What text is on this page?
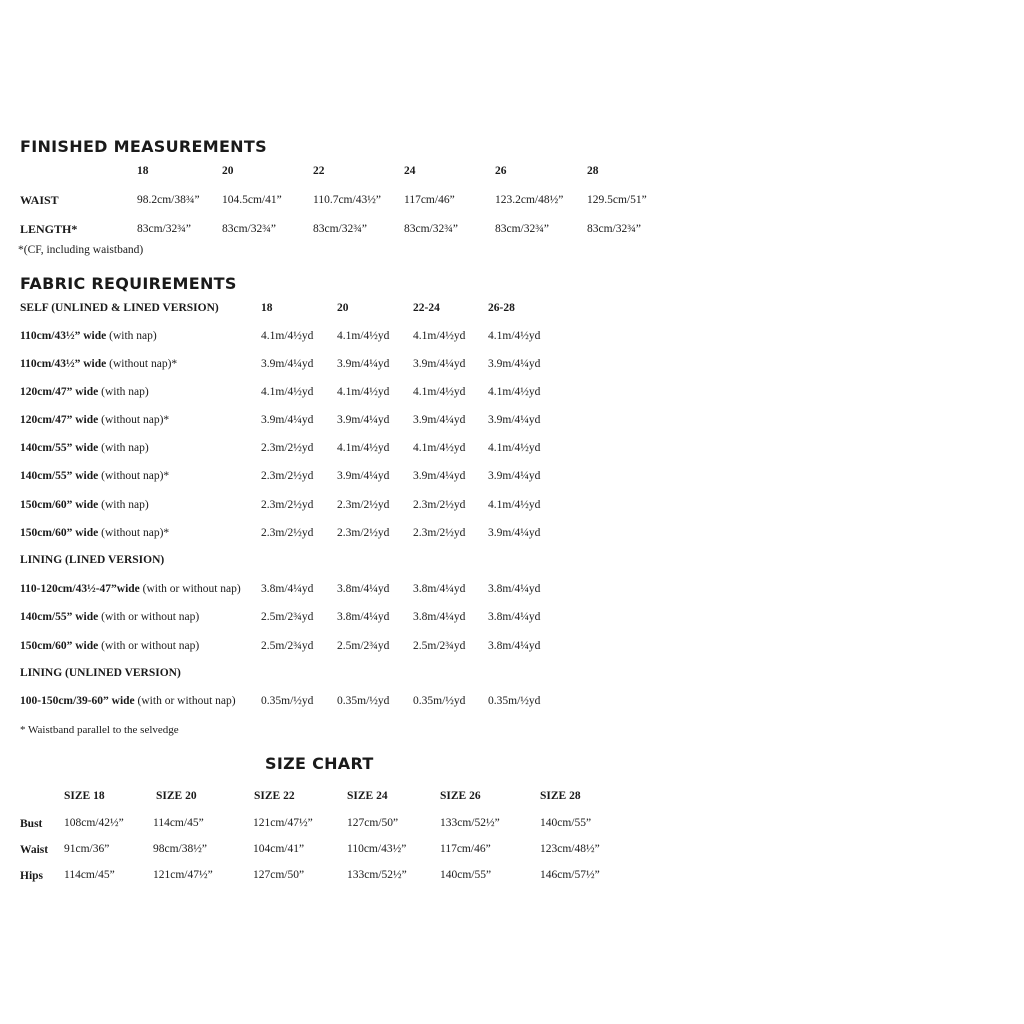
FINISHED MEASUREMENTS
18	20	22	24	26	28
WAIST	98.2cm/38¾” 104.5cm/41”	110.7cm/43½” 117cm/46”	123.2cm/48½” 129.5cm/51”
LENGTH*	83cm/32¾”	83cm/32¾”	83cm/32¾”	83cm/32¾”	83cm/32¾”	83cm/32¾”
*(CF, including waistband)
FABRIC REQUIREMENTS
SELF (UNLINED & LINED VERSION)	18	20	22-24	26-28
110cm/43½” wide (with nap)	4.1m/4½yd 4.1m/4½yd 4.1m/4½yd 4.1m/4½yd
110cm/43½” wide (without nap)*	3.9m/4¼yd 3.9m/4¼yd 3.9m/4¼yd 3.9m/4¼yd
120cm/47” wide (with nap)	4.1m/4½yd 4.1m/4½yd 4.1m/4½yd 4.1m/4½yd
120cm/47” wide (without nap)*	3.9m/4¼yd 3.9m/4¼yd 3.9m/4¼yd 3.9m/4¼yd
140cm/55” wide (with nap)	2.3m/2½yd 4.1m/4½yd 4.1m/4½yd 4.1m/4½yd
140cm/55” wide (without nap)*	2.3m/2½yd 3.9m/4¼yd 3.9m/4¼yd 3.9m/4¼yd
150cm/60” wide (with nap)	2.3m/2½yd 2.3m/2½yd 2.3m/2½yd 4.1m/4½yd
150cm/60” wide (without nap)*	2.3m/2½yd 2.3m/2½yd 2.3m/2½yd 3.9m/4¼yd
LINING (LINED VERSION)
110-120cm/43½-47”wide (with or without nap) 3.8m/4¼yd 3.8m/4¼yd 3.8m/4¼yd 3.8m/4¼yd
140cm/55” wide (with or without nap)	2.5m/2¾yd 3.8m/4¼yd 3.8m/4¼yd 3.8m/4¼yd
150cm/60” wide (with or without nap)	2.5m/2¾yd 2.5m/2¾yd 2.5m/2¾yd 3.8m/4¼yd
LINING (UNLINED VERSION)
100-150cm/39-60” wide (with or without nap) 0.35m/½yd 0.35m/½yd 0.35m/½yd 0.35m/½yd
* Waistband parallel to the selvedge
SIZE CHART
SIZE 18	SIZE 20	SIZE 22	SIZE 24	SIZE 26	SIZE 28
Bust 108cm/42½”	114cm/45”	121cm/47½”	127cm/50”	133cm/52½”	140cm/55”
Waist 91cm/36”	98cm/38½”	104cm/41”	110cm/43½”	117cm/46”	123cm/48½”
Hips 114cm/45”	121cm/47½”	127cm/50”	133cm/52½”	140cm/55”	146cm/57½”
